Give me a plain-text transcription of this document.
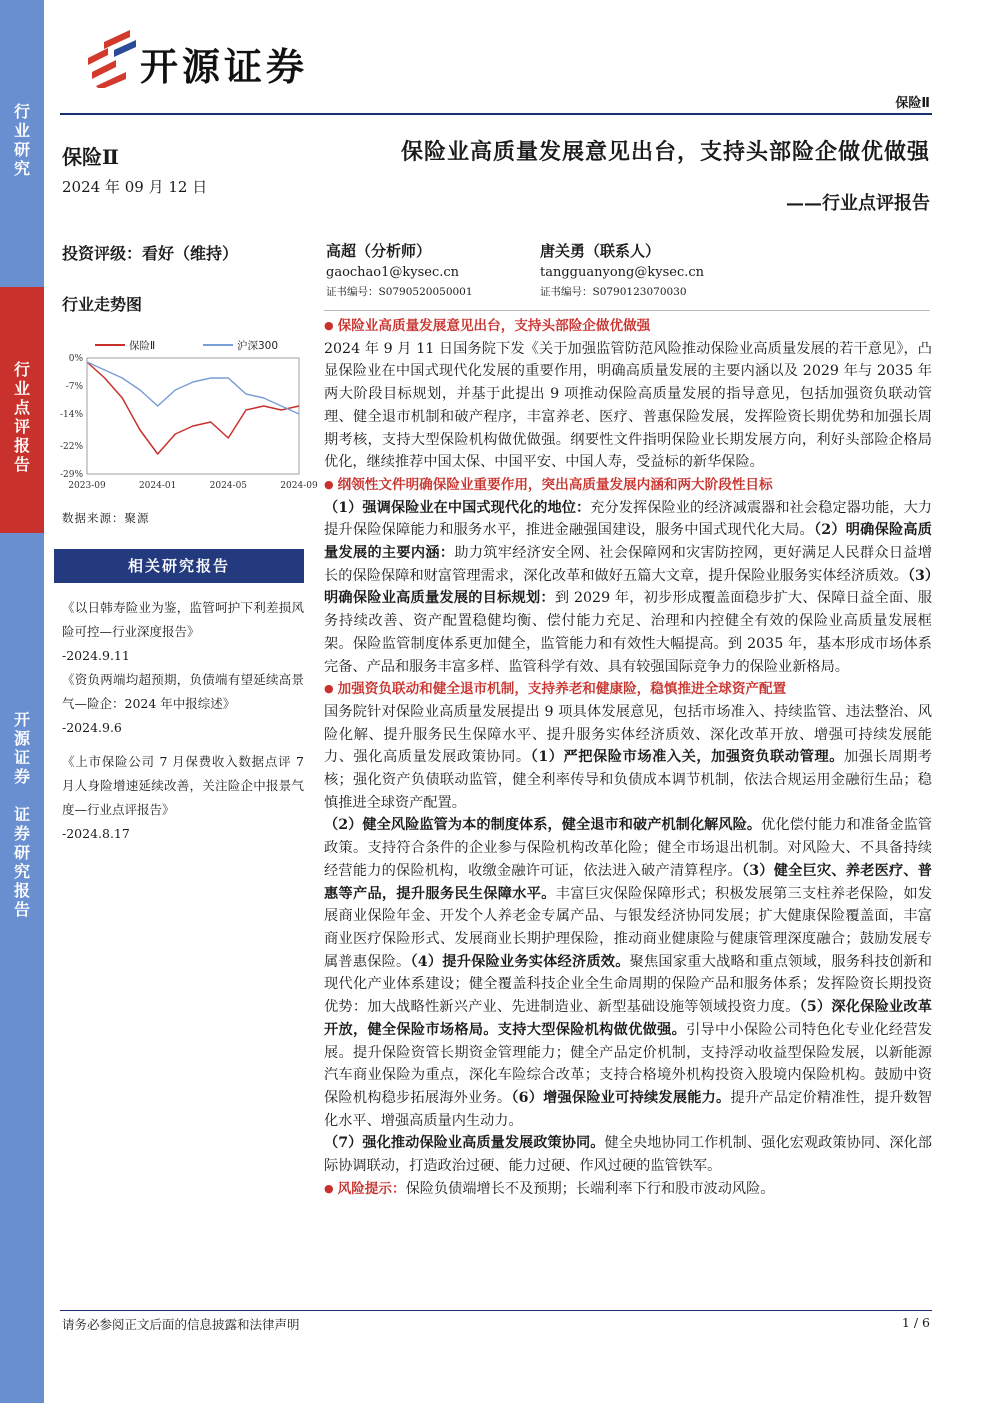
行
业
研
究
行
业
点
评
报
告
开
源
证
券

证
券
研
究
报
告
开源证券
保险Ⅱ
保险Ⅱ
2024 年 09 月 12 日
投资评级：看好（维持）
行业走势图
0%
-7%
-14%
-22%
-29%
2023-09	2024-01	2024-05	2024-09
保险Ⅱ	沪深300
数据来源：聚源
相关研究报告
《以日韩寿险业为鉴，监管呵护下利差损风险可控—行业深度报告》
-2024.9.11
《资负两端均超预期，负债端有望延续高景气—险企：2024 年中报综述》
-2024.9.6
《上市保险公司 7 月保费收入数据点评 7 月人身险增速延续改善，关注险企中报景气度—行业点评报告》
-2024.8.17
保险业高质量发展意见出台，支持头部险企做优做强
——行业点评报告
高超（分析师）
gaochao1@kysec.cn
证书编号：S0790520050001
唐关勇（联系人）
tangguanyong@kysec.cn
证书编号：S0790123070030

● 保险业高质量发展意见出台，支持头部险企做优做强

2024 年 9 月 11 日国务院下发《关于加强监管防范风险推动保险业高质量发展的若干意见》，凸显保险业在中国式现代化发展的重要作用，明确高质量发展的主要内涵以及 2029 年与 2035 年两大阶段目标规划，并基于此提出 9 项推动保险高质量发展的指导意见，包括加强资负联动管理、健全退市机制和破产程序，丰富养老、医疗、普惠保险发展，发挥险资长期优势和加强长周期考核，支持大型保险机构做优做强。纲要性文件指明保险业长期发展方向，利好头部险企格局优化，继续推荐中国太保、中国平安、中国人寿，受益标的新华保险。

● 纲领性文件明确保险业重要作用，突出高质量发展内涵和两大阶段性目标

（1）强调保险业在中国式现代化的地位：充分发挥保险业的经济减震器和社会稳定器功能，大力提升保险保障能力和服务水平，推进金融强国建设，服务中国式现代化大局。（2）明确保险高质量发展的主要内涵：助力筑牢经济安全网、社会保障网和灾害防控网，更好满足人民群众日益增长的保险保障和财富管理需求，深化改革和做好五篇大文章，提升保险业服务实体经济质效。（3）明确保险业高质量发展的目标规划：到 2029 年，初步形成覆盖面稳步扩大、保障日益全面、服务持续改善、资产配置稳健均衡、偿付能力充足、治理和内控健全有效的保险业高质量发展框架。保险监管制度体系更加健全，监管能力和有效性大幅提高。到 2035 年，基本形成市场体系完备、产品和服务丰富多样、监管科学有效、具有较强国际竞争力的保险业新格局。

● 加强资负联动和健全退市机制，支持养老和健康险，稳慎推进全球资产配置

国务院针对保险业高质量发展提出 9 项具体发展意见，包括市场准入、持续监管、违法整治、风险化解、提升服务民生保障水平、提升服务实体经济质效、深化改革开放、增强可持续发展能力、强化高质量发展政策协同。（1）严把保险市场准入关，加强资负联动管理。加强长周期考核；强化资产负债联动监管，健全利率传导和负债成本调节机制，依法合规运用金融衍生品；稳慎推进全球资产配置。

（2）健全风险监管为本的制度体系，健全退市和破产机制化解风险。优化偿付能力和准备金监管政策。支持符合条件的企业参与保险机构改革化险；健全市场退出机制。对风险大、不具备持续经营能力的保险机构，收缴金融许可证，依法进入破产清算程序。（3）健全巨灾、养老医疗、普惠等产品，提升服务民生保障水平。丰富巨灾保险保障形式；积极发展第三支柱养老保险，如发展商业保险年金、开发个人养老金专属产品、与银发经济协同发展；扩大健康保险覆盖面，丰富商业医疗保险形式、发展商业长期护理保险，推动商业健康险与健康管理深度融合；鼓励发展专属普惠保险。（4）提升保险业务实体经济质效。聚焦国家重大战略和重点领域，服务科技创新和现代化产业体系建设；健全覆盖科技企业全生命周期的保险产品和服务体系；发挥险资长期投资优势：加大战略性新兴产业、先进制造业、新型基础设施等领域投资力度。（5）深化保险业改革开放，健全保险市场格局。支持大型保险机构做优做强。引导中小保险公司特色化专业化经营发展。提升保险资管长期资金管理能力；健全产品定价机制，支持浮动收益型保险发展，以新能源汽车商业保险为重点，深化车险综合改革；支持合格境外机构投资入股境内保险机构。鼓励中资保险机构稳步拓展海外业务。（6）增强保险业可持续发展能力。提升产品定价精准性，提升数智化水平、增强高质量内生动力。

（7）强化推动保险业高质量发展政策协同。健全央地协同工作机制、强化宏观政策协同、深化部际协调联动，打造政治过硬、能力过硬、作风过硬的监管铁军。

● 风险提示：保险负债端增长不及预期；长端利率下行和股市波动风险。

请务必参阅正文后面的信息披露和法律声明	1 / 6
